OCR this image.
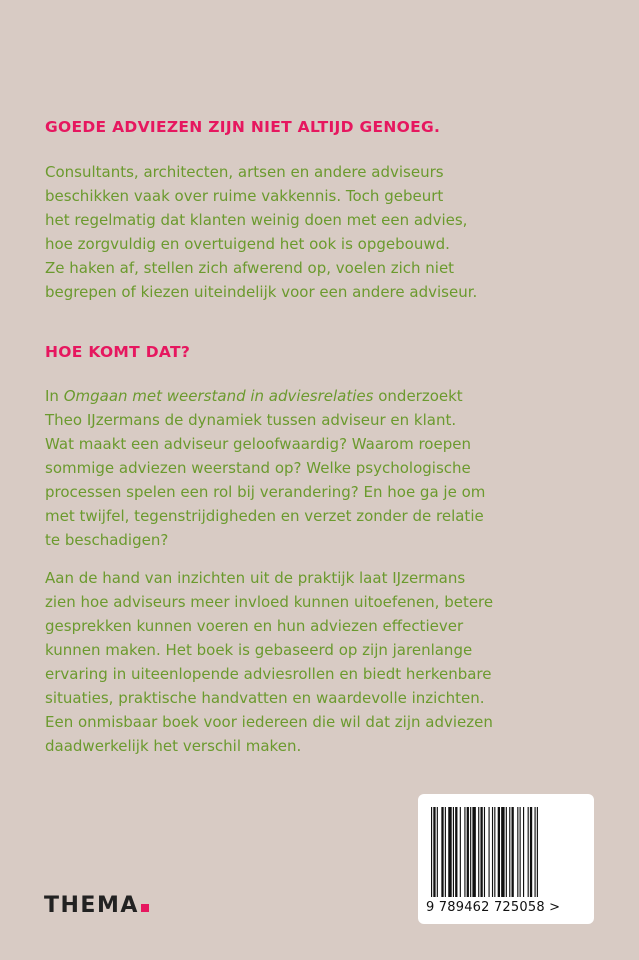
GOEDE ADVIEZEN ZIJN NIET ALTIJD GENOEG.
Consultants, architecten, artsen en andere adviseurs
beschikken vaak over ruime vakkennis. Toch gebeurt
het regelmatig dat klanten weinig doen met een advies,
hoe zorgvuldig en overtuigend het ook is opgebouwd.
Ze haken af, stellen zich afwerend op, voelen zich niet
begrepen of kiezen uiteindelijk voor een andere adviseur.
HOE KOMT DAT?
In Omgaan met weerstand in adviesrelaties onderzoekt
Theo IJzermans de dynamiek tussen adviseur en klant.
Wat maakt een adviseur geloofwaardig? Waarom roepen
sommige adviezen weerstand op? Welke psychologische
processen spelen een rol bij verandering? En hoe ga je om
met twijfel, tegenstrijdigheden en verzet zonder de relatie
te beschadigen?
Aan de hand van inzichten uit de praktijk laat IJzermans
zien hoe adviseurs meer invloed kunnen uitoefenen, betere
gesprekken kunnen voeren en hun adviezen effectiever
kunnen maken. Het boek is gebaseerd op zijn jarenlange
ervaring in uiteenlopende adviesrollen en biedt herkenbare
situaties, praktische handvatten en waardevolle inzichten.
Een onmisbaar boek voor iedereen die wil dat zijn adviezen
daadwerkelijk het verschil maken.
THEMA	9 789462 725058 >
